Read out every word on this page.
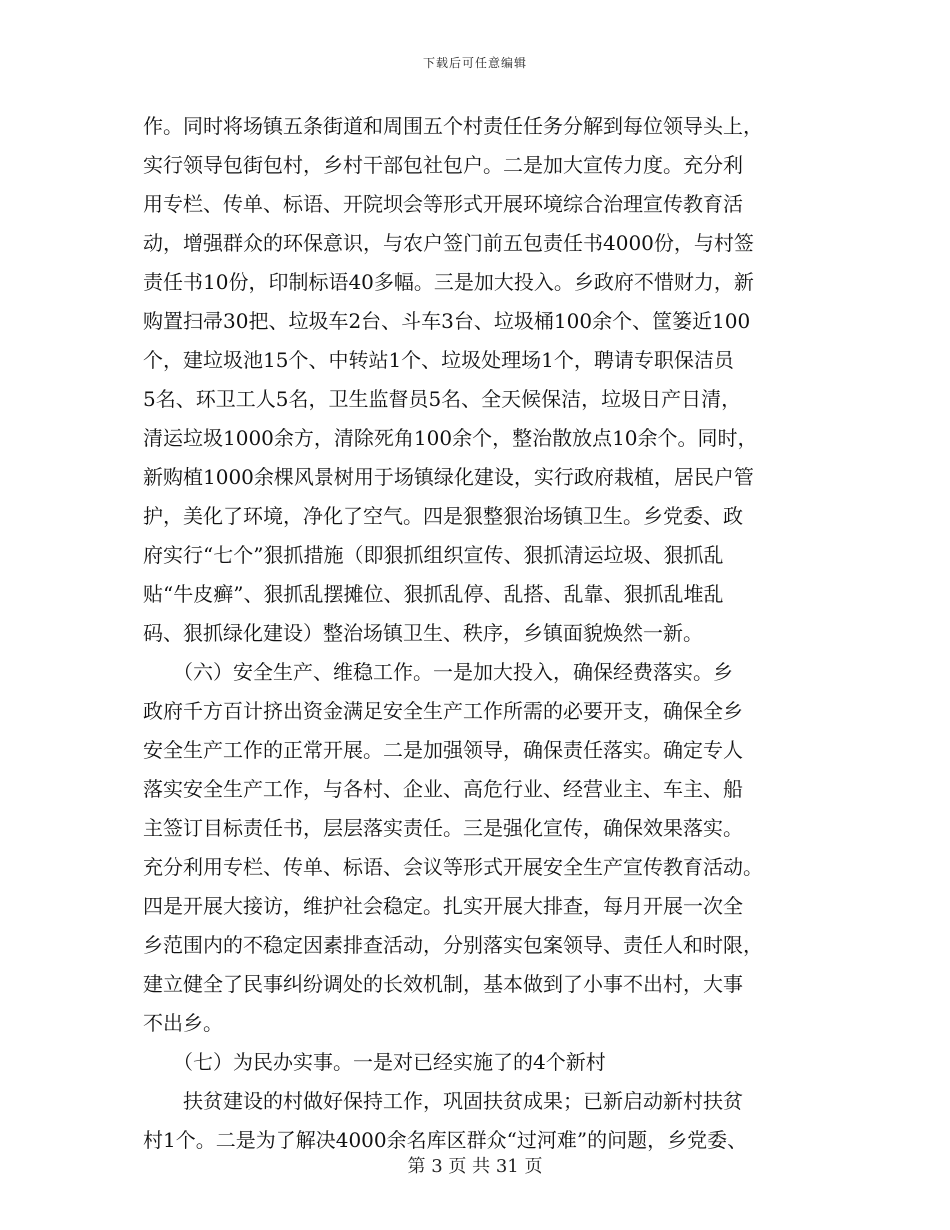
下载后可任意编辑
作。同时将场镇五条街道和周围五个村责任任务分解到每位领导头上，
实行领导包街包村，乡村干部包社包户。二是加大宣传力度。充分利
用专栏、传单、标语、开院坝会等形式开展环境综合治理宣传教育活
动，增强群众的环保意识，与农户签门前五包责任书4000份，与村签
责任书10份，印制标语40多幅。三是加大投入。乡政府不惜财力，新
购置扫帚30把、垃圾车2台、斗车3台、垃圾桶100余个、筐篓近100
个，建垃圾池15个、中转站1个、垃圾处理场1个，聘请专职保洁员
5名、环卫工人5名，卫生监督员5名、全天候保洁，垃圾日产日清，
清运垃圾1000余方，清除死角100余个，整治散放点10余个。同时，
新购植1000余棵风景树用于场镇绿化建设，实行政府栽植，居民户管
护，美化了环境，净化了空气。四是狠整狠治场镇卫生。乡党委、政
府实行“七个”狠抓措施（即狠抓组织宣传、狠抓清运垃圾、狠抓乱
贴“牛皮癣”、狠抓乱摆摊位、狠抓乱停、乱搭、乱靠、狠抓乱堆乱
码、狠抓绿化建设）整治场镇卫生、秩序，乡镇面貌焕然一新。
　　（六）安全生产、维稳工作。一是加大投入，确保经费落实。乡
政府千方百计挤出资金满足安全生产工作所需的必要开支，确保全乡
安全生产工作的正常开展。二是加强领导，确保责任落实。确定专人
落实安全生产工作，与各村、企业、高危行业、经营业主、车主、船
主签订目标责任书，层层落实责任。三是强化宣传，确保效果落实。
充分利用专栏、传单、标语、会议等形式开展安全生产宣传教育活动。
四是开展大接访，维护社会稳定。扎实开展大排查，每月开展一次全
乡范围内的不稳定因素排查活动，分别落实包案领导、责任人和时限，
建立健全了民事纠纷调处的长效机制，基本做到了小事不出村，大事
不出乡。
　　（七）为民办实事。一是对已经实施了的4个新村
　　扶贫建设的村做好保持工作，巩固扶贫成果；已新启动新村扶贫
村1个。二是为了解决4000余名库区群众“过河难”的问题，乡党委、
第 3 页 共 31 页
